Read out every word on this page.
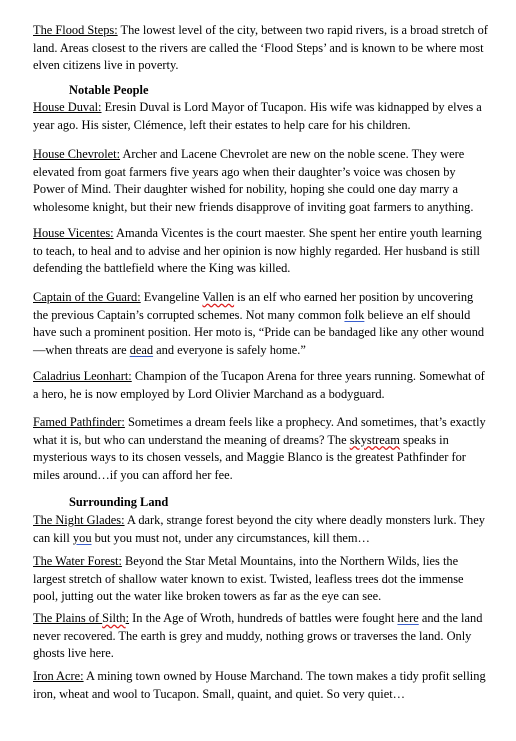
The Flood Steps: The lowest level of the city, between two rapid rivers, is a broad stretch of land. Areas closest to the rivers are called the ‘Flood Steps’ and is known to be where most elven citizens live in poverty.

Notable People

House Duval: Eresin Duval is Lord Mayor of Tucapon. His wife was kidnapped by elves a year ago. His sister, Clémence, left their estates to help care for his children.

House Chevrolet: Archer and Lacene Chevrolet are new on the noble scene. They were elevated from goat farmers five years ago when their daughter’s voice was chosen by Power of Mind. Their daughter wished for nobility, hoping she could one day marry a wholesome knight, but their new friends disapprove of inviting goat farmers to anything.

House Vicentes: Amanda Vicentes is the court maester. She spent her entire youth learning to teach, to heal and to advise and her opinion is now highly regarded. Her husband is still defending the battlefield where the King was killed.

Captain of the Guard: Evangeline Vallen is an elf who earned her position by uncovering the previous Captain’s corrupted schemes. Not many common folk believe an elf should have such a prominent position. Her moto is, “Pride can be bandaged like any other wound—when threats are dead and everyone is safely home.”

Caladrius Leonhart: Champion of the Tucapon Arena for three years running. Somewhat of a hero, he is now employed by Lord Olivier Marchand as a bodyguard.

Famed Pathfinder: Sometimes a dream feels like a prophecy. And sometimes, that’s exactly what it is, but who can understand the meaning of dreams? The skystream speaks in mysterious ways to its chosen vessels, and Maggie Blanco is the greatest Pathfinder for miles around…if you can afford her fee.

Surrounding Land

The Night Glades: A dark, strange forest beyond the city where deadly monsters lurk. They can kill you but you must not, under any circumstances, kill them…

The Water Forest: Beyond the Star Metal Mountains, into the Northern Wilds, lies the largest stretch of shallow water known to exist. Twisted, leafless trees dot the immense pool, jutting out the water like broken towers as far as the eye can see.

The Plains of Silth: In the Age of Wroth, hundreds of battles were fought here and the land never recovered. The earth is grey and muddy, nothing grows or traverses the land. Only ghosts live here.

Iron Acre: A mining town owned by House Marchand. The town makes a tidy profit selling iron, wheat and wool to Tucapon. Small, quaint, and quiet. So very quiet…
